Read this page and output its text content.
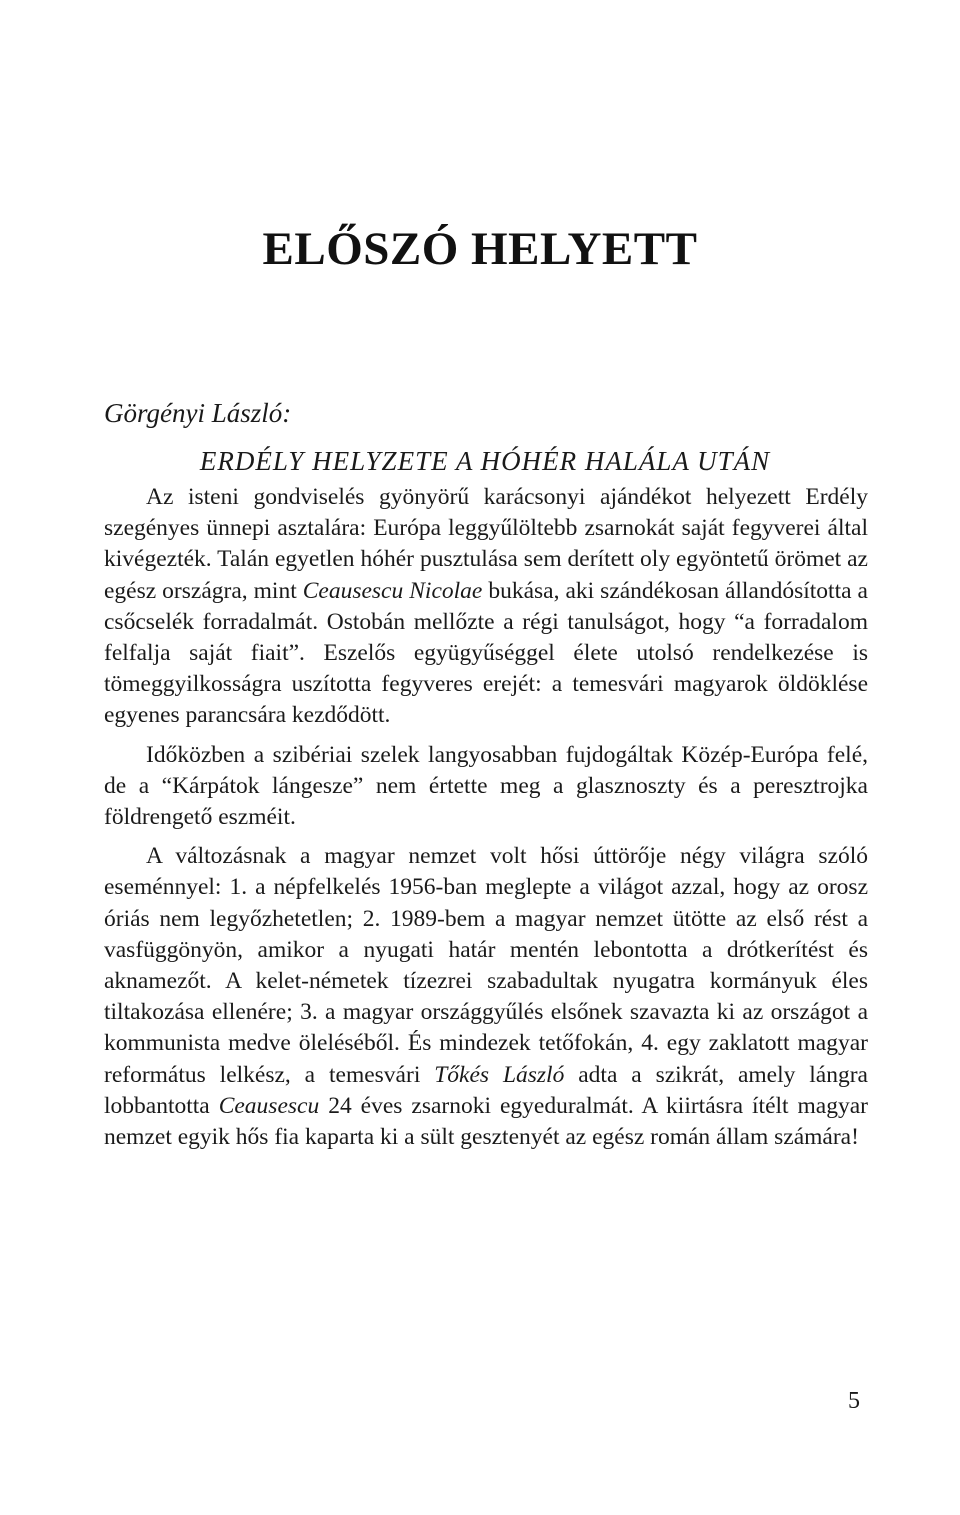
ELŐSZÓ HELYETT

Görgényi László:

ERDÉLY HELYZETE A HÓHÉR HALÁLA UTÁN

Az isteni gondviselés gyönyörű karácsonyi ajándékot helyezett Erdély szegényes ünnepi asztalára: Európa leggyűlöltebb zsarnokát saját fegyverei által kivégezték. Talán egyetlen hóhér pusztulása sem derített oly egyöntetű örömet az egész országra, mint Ceausescu Nicolae bukása, aki szándékosan állandósította a csőcselék forradalmát. Ostobán mellőzte a régi tanulságot, hogy “a forradalom felfalja saját fiait”. Eszelős együgyűséggel élete utolsó rendelkezése is tömeggyilkosságra uszította fegyveres erejét: a temesvári magyarok öldöklése egyenes parancsára kezdődött.

Időközben a szibériai szelek langyosabban fujdogáltak Közép-Európa felé, de a “Kárpátok lángesze” nem értette meg a glasznoszty és a peresztrojka földrengető eszméit.

A változásnak a magyar nemzet volt hősi úttörője négy világra szóló eseménnyel: 1. a népfelkelés 1956-ban meglepte a világot azzal, hogy az orosz óriás nem legyőzhetetlen; 2. 1989-bem a magyar nemzet ütötte az első rést a vasfüggönyön, amikor a nyugati határ mentén lebontotta a drótkerítést és aknamezőt. A kelet-németek tízezrei szabadultak nyugatra kormányuk éles tiltakozása ellenére; 3. a magyar országgyűlés elsőnek szavazta ki az országot a kommunista medve öleléséből. És mindezek tetőfokán, 4. egy zaklatott magyar református lelkész, a temesvári Tőkés László adta a szikrát, amely lángra lobbantotta Ceausescu 24 éves zsarnoki egyeduralmát. A kiirtásra ítélt magyar nemzet egyik hős fia kaparta ki a sült gesztenyét az egész román állam számára!

5
